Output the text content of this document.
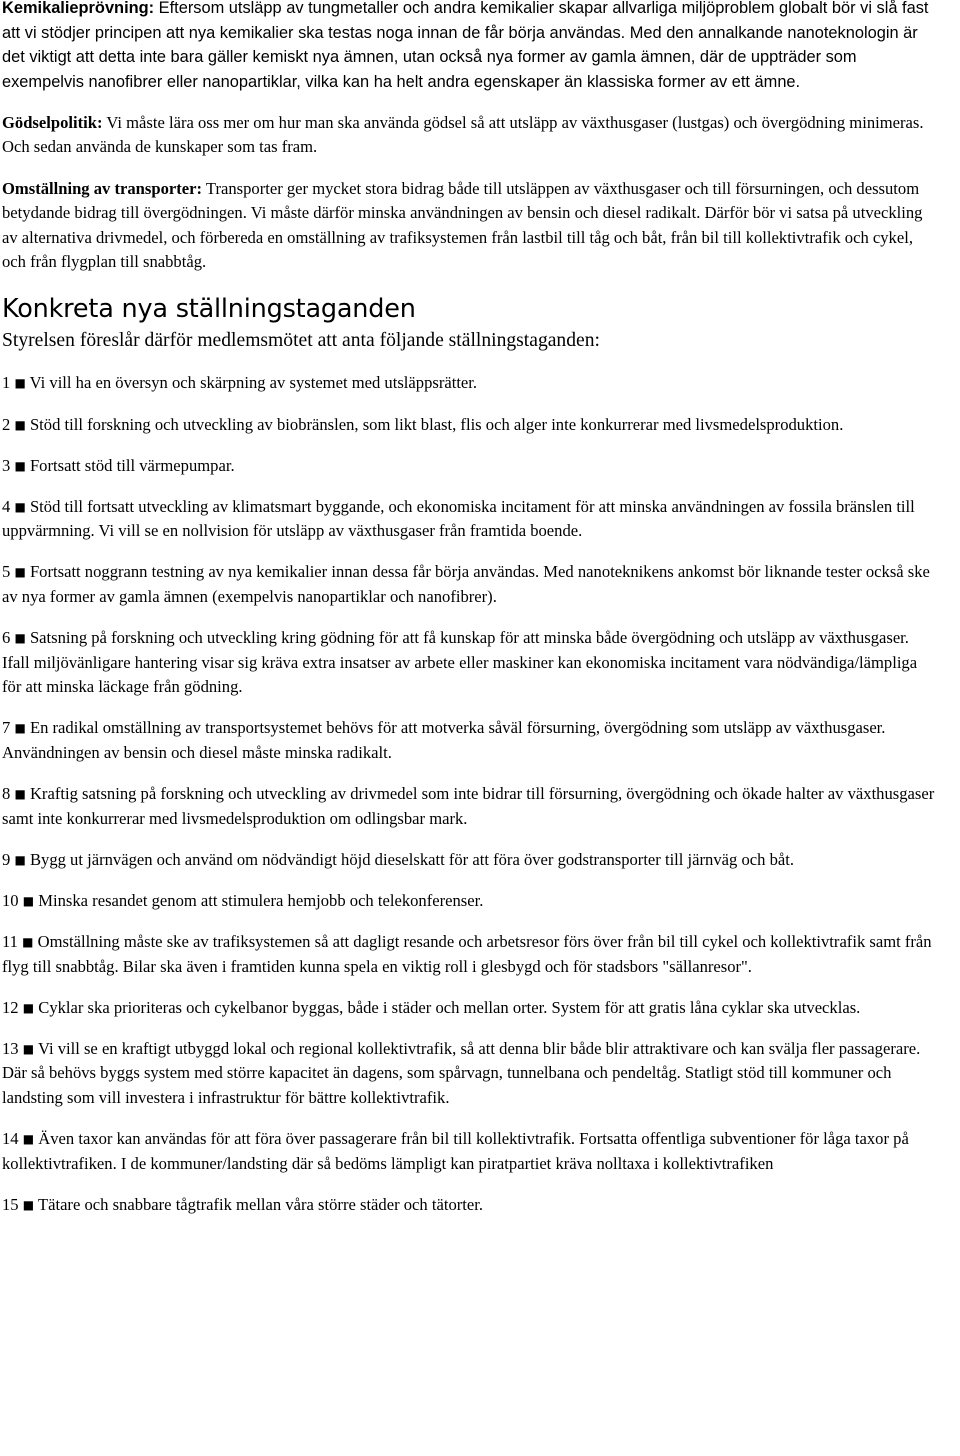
Kemikalieprövning: Eftersom utsläpp av tungmetaller och andra kemikalier skapar allvarliga miljöproblem globalt bör vi slå fast att vi stödjer principen att nya kemikalier ska testas noga innan de får börja användas. Med den annalkande nanoteknologin är det viktigt att detta inte bara gäller kemiskt nya ämnen, utan också nya former av gamla ämnen, där de uppträder som exempelvis nanofibrer eller nanopartiklar, vilka kan ha helt andra egenskaper än klassiska former av ett ämne.

Gödselpolitik: Vi måste lära oss mer om hur man ska använda gödsel så att utsläpp av växthusgaser (lustgas) och övergödning minimeras. Och sedan använda de kunskaper som tas fram.

Omställning av transporter: Transporter ger mycket stora bidrag både till utsläppen av växthusgaser och till försurningen, och dessutom betydande bidrag till övergödningen. Vi måste därför minska användningen av bensin och diesel radikalt. Därför bör vi satsa på utveckling av alternativa drivmedel, och förbereda en omställning av trafiksystemen från lastbil till tåg och båt, från bil till kollektivtrafik och cykel, och från flygplan till snabbtåg.

Konkreta nya ställningstaganden

Styrelsen föreslår därför medlemsmötet att anta följande ställningstaganden:

1 ■ Vi vill ha en översyn och skärpning av systemet med utsläppsrätter.

2 ■ Stöd till forskning och utveckling av biobränslen, som likt blast, flis och alger inte konkurrerar med livsmedelsproduktion.

3 ■ Fortsatt stöd till värmepumpar.

4 ■ Stöd till fortsatt utveckling av klimatsmart byggande, och ekonomiska incitament för att minska användningen av fossila bränslen till uppvärmning. Vi vill se en nollvision för utsläpp av växthusgaser från framtida boende.

5 ■ Fortsatt noggrann testning av nya kemikalier innan dessa får börja användas. Med nanoteknikens ankomst bör liknande tester också ske av nya former av gamla ämnen (exempelvis nanopartiklar och nanofibrer).

6 ■ Satsning på forskning och utveckling kring gödning för att få kunskap för att minska både övergödning och utsläpp av växthusgaser. Ifall miljövänligare hantering visar sig kräva extra insatser av arbete eller maskiner kan ekonomiska incitament vara nödvändiga/lämpliga för att minska läckage från gödning.

7 ■ En radikal omställning av transportsystemet behövs för att motverka såväl försurning, övergödning som utsläpp av växthusgaser. Användningen av bensin och diesel måste minska radikalt.

8 ■ Kraftig satsning på forskning och utveckling av drivmedel som inte bidrar till försurning, övergödning och ökade halter av växthusgaser samt inte konkurrerar med livsmedelsproduktion om odlingsbar mark.

9 ■ Bygg ut järnvägen och använd om nödvändigt höjd dieselskatt för att föra över godstransporter till järnväg och båt.

10 ■ Minska resandet genom att stimulera hemjobb och telekonferenser.

11 ■ Omställning måste ske av trafiksystemen så att dagligt resande och arbetsresor förs över från bil till cykel och kollektivtrafik samt från flyg till snabbtåg. Bilar ska även i framtiden kunna spela en viktig roll i glesbygd och för stadsbors "sällanresor".

12 ■ Cyklar ska prioriteras och cykelbanor byggas, både i städer och mellan orter. System för att gratis låna cyklar ska utvecklas.

13 ■ Vi vill se en kraftigt utbyggd lokal och regional kollektivtrafik, så att denna blir både blir attraktivare och kan svälja fler passagerare. Där så behövs byggs system med större kapacitet än dagens, som spårvagn, tunnelbana och pendeltåg. Statligt stöd till kommuner och landsting som vill investera i infrastruktur för bättre kollektivtrafik.

14 ■ Även taxor kan användas för att föra över passagerare från bil till kollektivtrafik. Fortsatta offentliga subventioner för låga taxor på kollektivtrafiken. I de kommuner/landsting där så bedöms lämpligt kan piratpartiet kräva nolltaxa i kollektivtrafiken

15 ■ Tätare och snabbare tågtrafik mellan våra större städer och tätorter.
